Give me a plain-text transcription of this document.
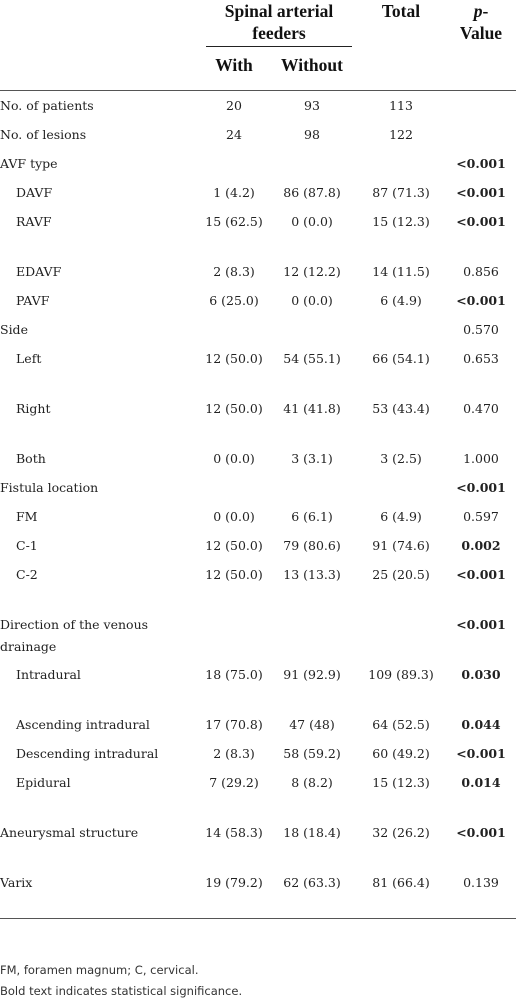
	Spinal arterial feeders		Total	p-
Value
	With	Without		

No. of patients	20	93	113	
No. of lesions	24	98	122	
AVF type				<0.001
DAVF	1 (4.2)	86 (87.8)	87 (71.3)	<0.001
RAVF	15 (62.5)	0 (0.0)	15 (12.3)	<0.001
EDAVF	2 (8.3)	12 (12.2)	14 (11.5)	0.856
PAVF	6 (25.0)	0 (0.0)	6 (4.9)	<0.001
Side				0.570
Left	12 (50.0)	54 (55.1)	66 (54.1)	0.653
Right	12 (50.0)	41 (41.8)	53 (43.4)	0.470
Both	0 (0.0)	3 (3.1)	3 (2.5)	1.000
Fistula location				<0.001
FM	0 (0.0)	6 (6.1)	6 (4.9)	0.597
C-1	12 (50.0)	79 (80.6)	91 (74.6)	0.002
C-2	12 (50.0)	13 (13.3)	25 (20.5)	<0.001
Direction of the venous drainage				<0.001
Intradural	18 (75.0)	91 (92.9)	109 (89.3)	0.030
Ascending intradural	17 (70.8)	47 (48)	64 (52.5)	0.044
Descending intradural	2 (8.3)	58 (59.2)	60 (49.2)	<0.001
Epidural	7 (29.2)	8 (8.2)	15 (12.3)	0.014
Aneurysmal structure	14 (58.3)	18 (18.4)	32 (26.2)	<0.001
Varix	19 (79.2)	62 (63.3)	81 (66.4)	0.139
FM, foramen magnum; C, cervical.
Bold text indicates statistical significance.
